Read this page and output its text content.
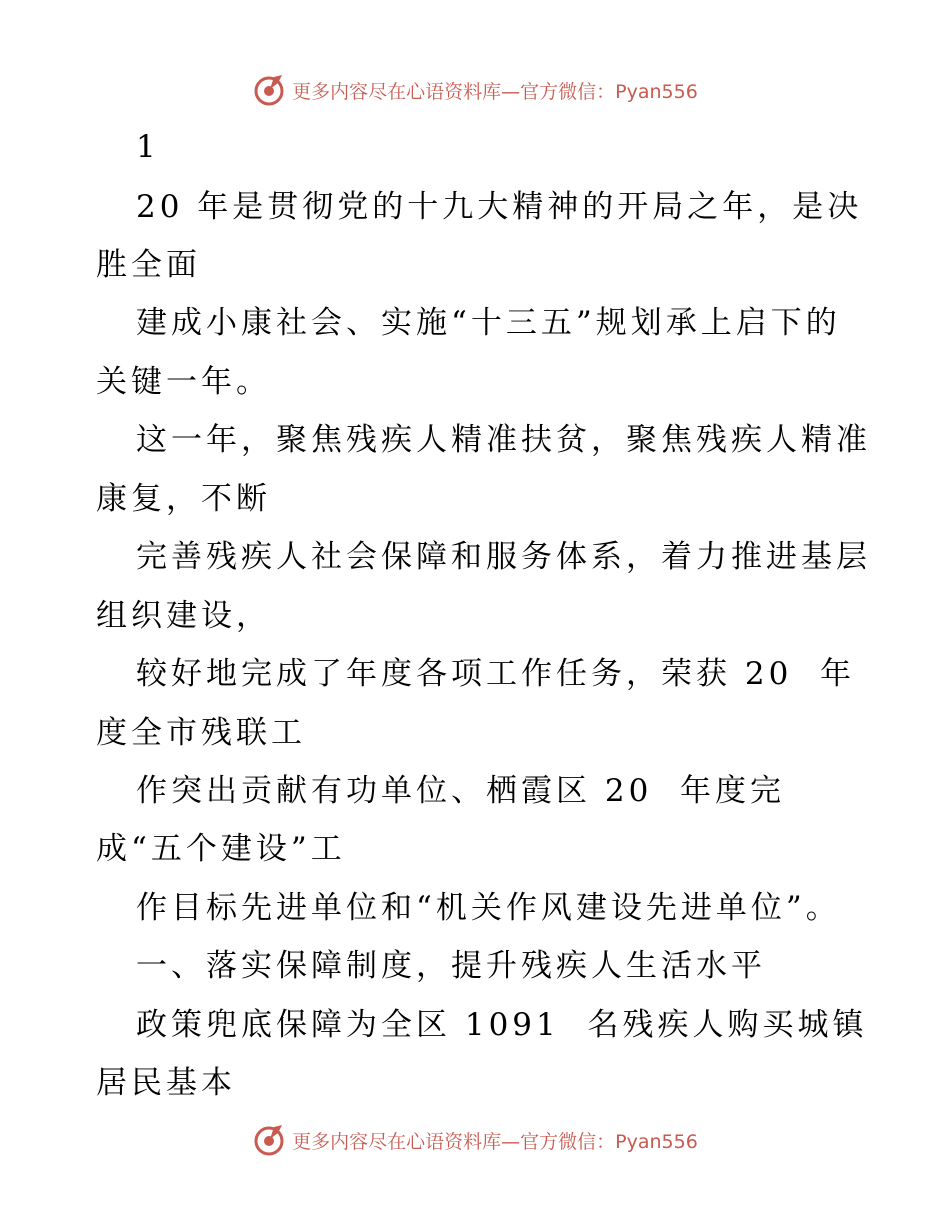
更多内容尽在心语资料库—官方微信：Pyan556
1
20 年是贯彻党的十九大精神的开局之年，是决
胜全面
建成小康社会、实施“十三五”规划承上启下的
关键一年。
这一年，聚焦残疾人精准扶贫，聚焦残疾人精准
康复，不断
完善残疾人社会保障和服务体系，着力推进基层
组织建设，
较好地完成了年度各项工作任务，荣获 20  年
度全市残联工
作突出贡献有功单位、栖霞区 20  年度完
成“五个建设”工
作目标先进单位和“机关作风建设先进单位”。
一、落实保障制度，提升残疾人生活水平
政策兜底保障为全区 1091  名残疾人购买城镇
居民基本
更多内容尽在心语资料库—官方微信：Pyan556
